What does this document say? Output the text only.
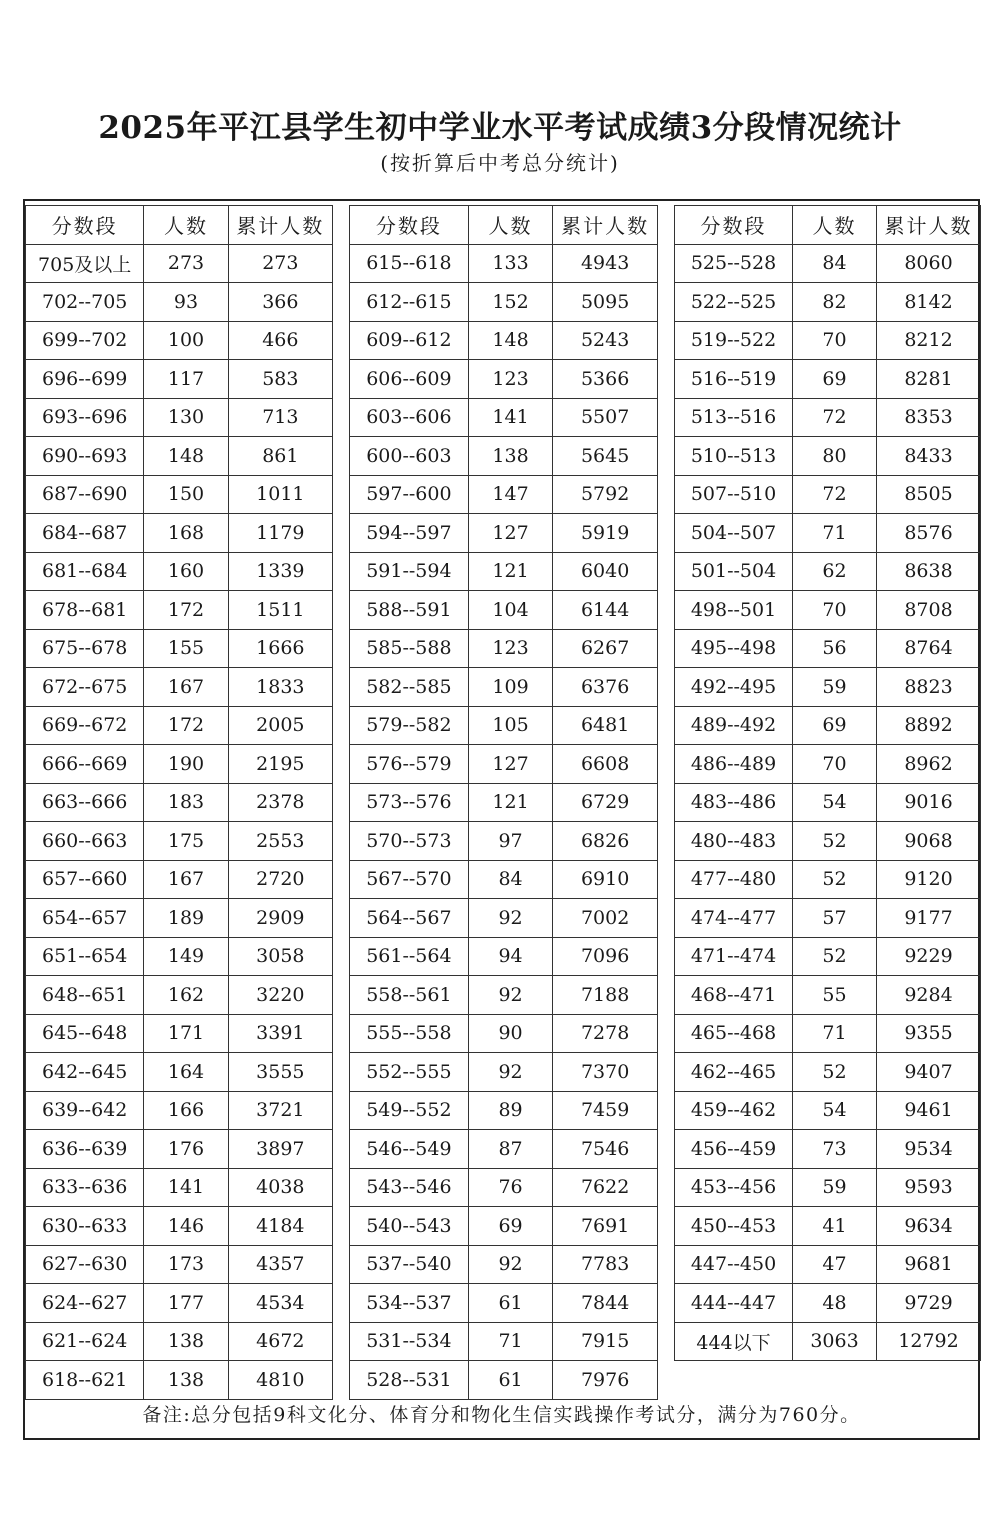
2025年平江县学生初中学业水平考试成绩3分段情况统计
(按折算后中考总分统计)
分数段	人数	累计人数
705及以上	273	273
702--705	93	366
699--702	100	466
696--699	117	583
693--696	130	713
690--693	148	861
687--690	150	1011
684--687	168	1179
681--684	160	1339
678--681	172	1511
675--678	155	1666
672--675	167	1833
669--672	172	2005
666--669	190	2195
663--666	183	2378
660--663	175	2553
657--660	167	2720
654--657	189	2909
651--654	149	3058
648--651	162	3220
645--648	171	3391
642--645	164	3555
639--642	166	3721
636--639	176	3897
633--636	141	4038
630--633	146	4184
627--630	173	4357
624--627	177	4534
621--624	138	4672
618--621	138	4810
分数段	人数	累计人数
615--618	133	4943
612--615	152	5095
609--612	148	5243
606--609	123	5366
603--606	141	5507
600--603	138	5645
597--600	147	5792
594--597	127	5919
591--594	121	6040
588--591	104	6144
585--588	123	6267
582--585	109	6376
579--582	105	6481
576--579	127	6608
573--576	121	6729
570--573	97	6826
567--570	84	6910
564--567	92	7002
561--564	94	7096
558--561	92	7188
555--558	90	7278
552--555	92	7370
549--552	89	7459
546--549	87	7546
543--546	76	7622
540--543	69	7691
537--540	92	7783
534--537	61	7844
531--534	71	7915
528--531	61	7976
分数段	人数	累计人数
525--528	84	8060
522--525	82	8142
519--522	70	8212
516--519	69	8281
513--516	72	8353
510--513	80	8433
507--510	72	8505
504--507	71	8576
501--504	62	8638
498--501	70	8708
495--498	56	8764
492--495	59	8823
489--492	69	8892
486--489	70	8962
483--486	54	9016
480--483	52	9068
477--480	52	9120
474--477	57	9177
471--474	52	9229
468--471	55	9284
465--468	71	9355
462--465	52	9407
459--462	54	9461
456--459	73	9534
453--456	59	9593
450--453	41	9634
447--450	47	9681
444--447	48	9729
444以下	3063	12792
备注:总分包括9科文化分、体育分和物化生信实践操作考试分，满分为760分。
